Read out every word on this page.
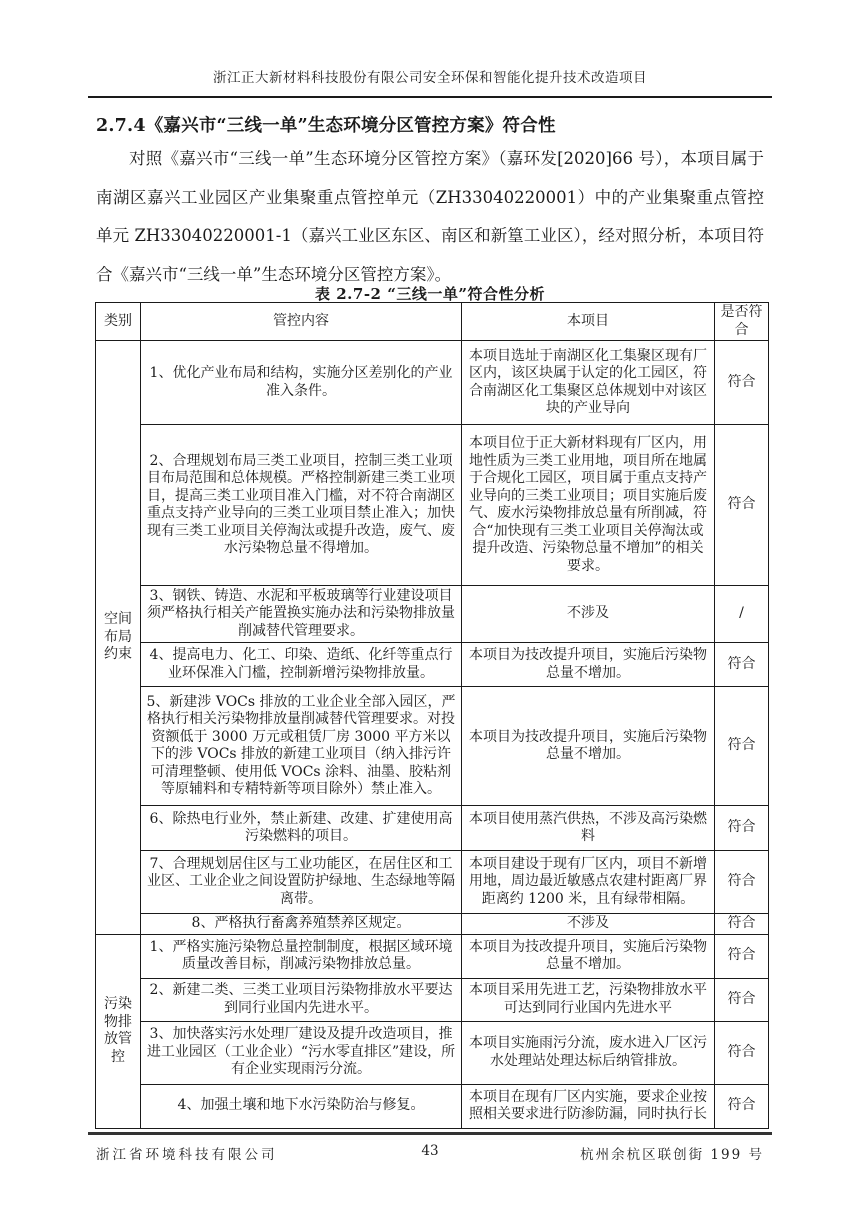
浙江正大新材料科技股份有限公司安全环保和智能化提升技术改造项目
2.7.4《嘉兴市“三线一单”生态环境分区管控方案》符合性
对照《嘉兴市“三线一单”生态环境分区管控方案》（嘉环发[2020]66 号），本项目属于南湖区嘉兴工业园区产业集聚重点管控单元（ZH33040220001）中的产业集聚重点管控单元 ZH33040220001-1（嘉兴工业区东区、南区和新篁工业区），经对照分析，本项目符合《嘉兴市“三线一单”生态环境分区管控方案》。
表 2.7-2 “三线一单”符合性分析
类别	管控内容	本项目	是否符合
空间布局约束	1、优化产业布局和结构，实施分区差别化的产业准入条件。	本项目选址于南湖区化工集聚区现有厂区内，该区块属于认定的化工园区，符合南湖区化工集聚区总体规划中对该区块的产业导向	符合
	2、合理规划布局三类工业项目，控制三类工业项目布局范围和总体规模。严格控制新建三类工业项目，提高三类工业项目准入门槛，对不符合南湖区重点支持产业导向的三类工业项目禁止准入；加快现有三类工业项目关停淘汰或提升改造，废气、废水污染物总量不得增加。	本项目位于正大新材料现有厂区内，用地性质为三类工业用地，项目所在地属于合规化工园区，项目属于重点支持产业导向的三类工业项目；项目实施后废气、废水污染物排放总量有所削减，符合“加快现有三类工业项目关停淘汰或提升改造、污染物总量不增加”的相关要求。	符合
	3、钢铁、铸造、水泥和平板玻璃等行业建设项目须严格执行相关产能置换实施办法和污染物排放量削减替代管理要求。	不涉及	/
	4、提高电力、化工、印染、造纸、化纤等重点行业环保准入门槛，控制新增污染物排放量。	本项目为技改提升项目，实施后污染物总量不增加。	符合
	5、新建涉 VOCs 排放的工业企业全部入园区，严格执行相关污染物排放量削减替代管理要求。对投资额低于 3000 万元或租赁厂房 3000 平方米以下的涉 VOCs 排放的新建工业项目（纳入排污许可清理整顿、使用低 VOCs 涂料、油墨、胶粘剂等原辅料和专精特新等项目除外）禁止准入。	本项目为技改提升项目，实施后污染物总量不增加。	符合
	6、除热电行业外，禁止新建、改建、扩建使用高污染燃料的项目。	本项目使用蒸汽供热，不涉及高污染燃料	符合
	7、合理规划居住区与工业功能区，在居住区和工业区、工业企业之间设置防护绿地、生态绿地等隔离带。	本项目建设于现有厂区内，项目不新增用地，周边最近敏感点农建村距离厂界距离约 1200 米，且有绿带相隔。	符合
	8、严格执行畜禽养殖禁养区规定。	不涉及	符合
污染物排放管控	1、严格实施污染物总量控制制度，根据区域环境质量改善目标，削减污染物排放总量。	本项目为技改提升项目，实施后污染物总量不增加。	符合
	2、新建二类、三类工业项目污染物排放水平要达到同行业国内先进水平。	本项目采用先进工艺，污染物排放水平可达到同行业国内先进水平	符合
	3、加快落实污水处理厂建设及提升改造项目，推进工业园区（工业企业）“污水零直排区”建设，所有企业实现雨污分流。	本项目实施雨污分流，废水进入厂区污水处理站处理达标后纳管排放。	符合
	4、加强土壤和地下水污染防治与修复。	本项目在现有厂区内实施，要求企业按照相关要求进行防渗防漏，同时执行长	符合
浙江省环境科技有限公司	43	杭州余杭区联创街 199 号
